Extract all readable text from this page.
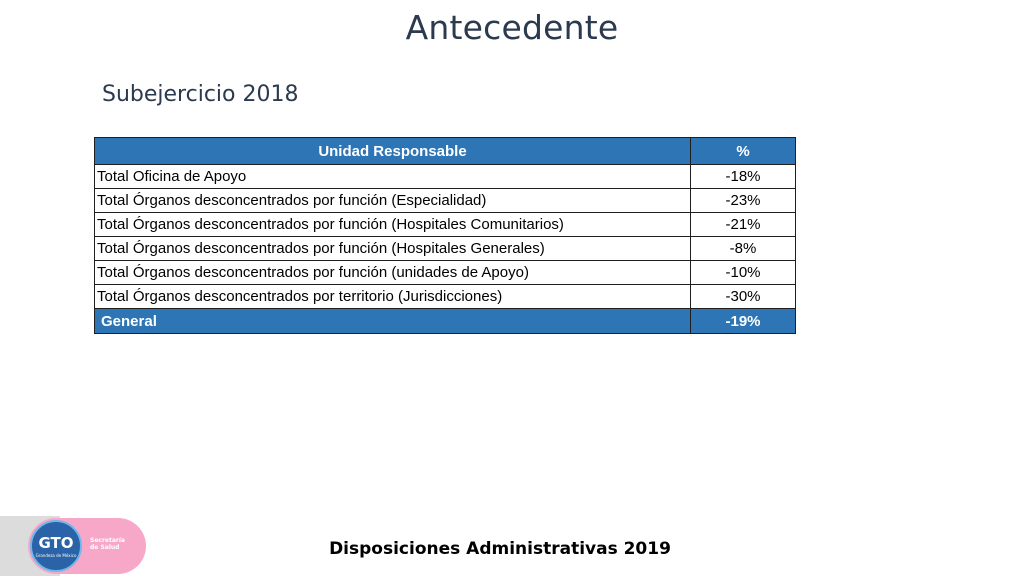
Antecedente
Subejercicio 2018
Unidad Responsable	%
Total Oficina de Apoyo	-18%
Total Órganos desconcentrados por función (Especialidad)	-23%
Total Órganos desconcentrados por función (Hospitales Comunitarios)	-21%
Total Órganos desconcentrados por función (Hospitales Generales)	-8%
Total Órganos desconcentrados por función (unidades de Apoyo)	-10%
Total Órganos desconcentrados por territorio (Jurisdicciones)	-30%
General	-19%
GTO
Grandeza de México
Secretaría
de Salud	Disposiciones Administrativas 2019
